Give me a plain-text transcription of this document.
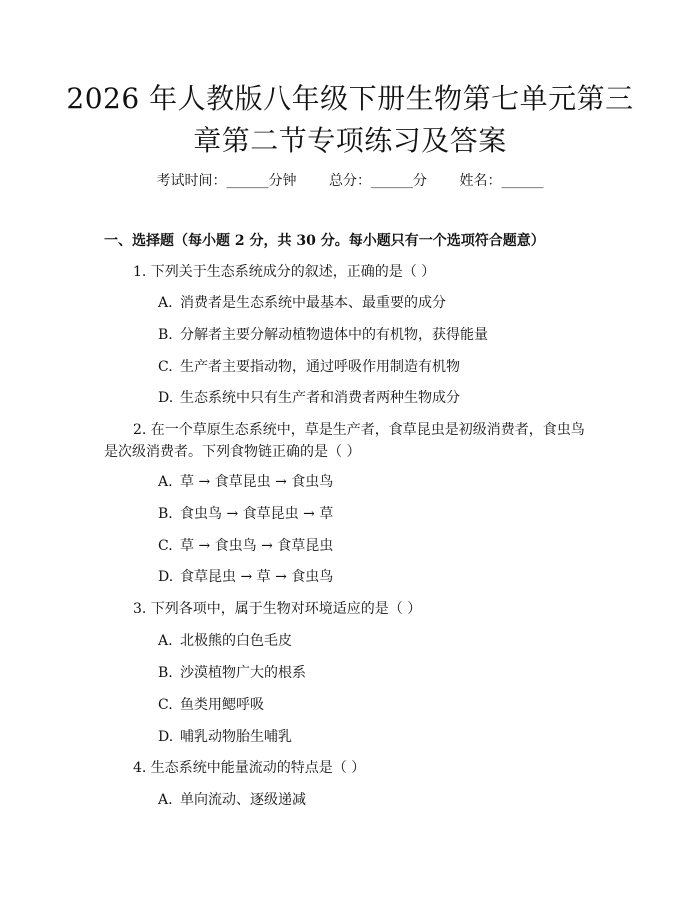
2026 年人教版八年级下册生物第七单元第三
章第二节专项练习及答案
考试时间：______分钟 总分：______分 姓名：______
一、选择题（每小题 2 分，共 30 分。每小题只有一个选项符合题意）
1. 下列关于生态系统成分的叙述，正确的是（ ）
A. 消费者是生态系统中最基本、最重要的成分
B. 分解者主要分解动植物遗体中的有机物，获得能量
C. 生产者主要指动物，通过呼吸作用制造有机物
D. 生态系统中只有生产者和消费者两种生物成分
2. 在一个草原生态系统中，草是生产者，食草昆虫是初级消费者，食虫鸟是次级消费者。下列食物链正确的是（ ）
A. 草 → 食草昆虫 → 食虫鸟
B. 食虫鸟 → 食草昆虫 → 草
C. 草 → 食虫鸟 → 食草昆虫
D. 食草昆虫 → 草 → 食虫鸟
3. 下列各项中，属于生物对环境适应的是（ ）
A. 北极熊的白色毛皮
B. 沙漠植物广大的根系
C. 鱼类用鳃呼吸
D. 哺乳动物胎生哺乳
4. 生态系统中能量流动的特点是（ ）
A. 单向流动、逐级递减
